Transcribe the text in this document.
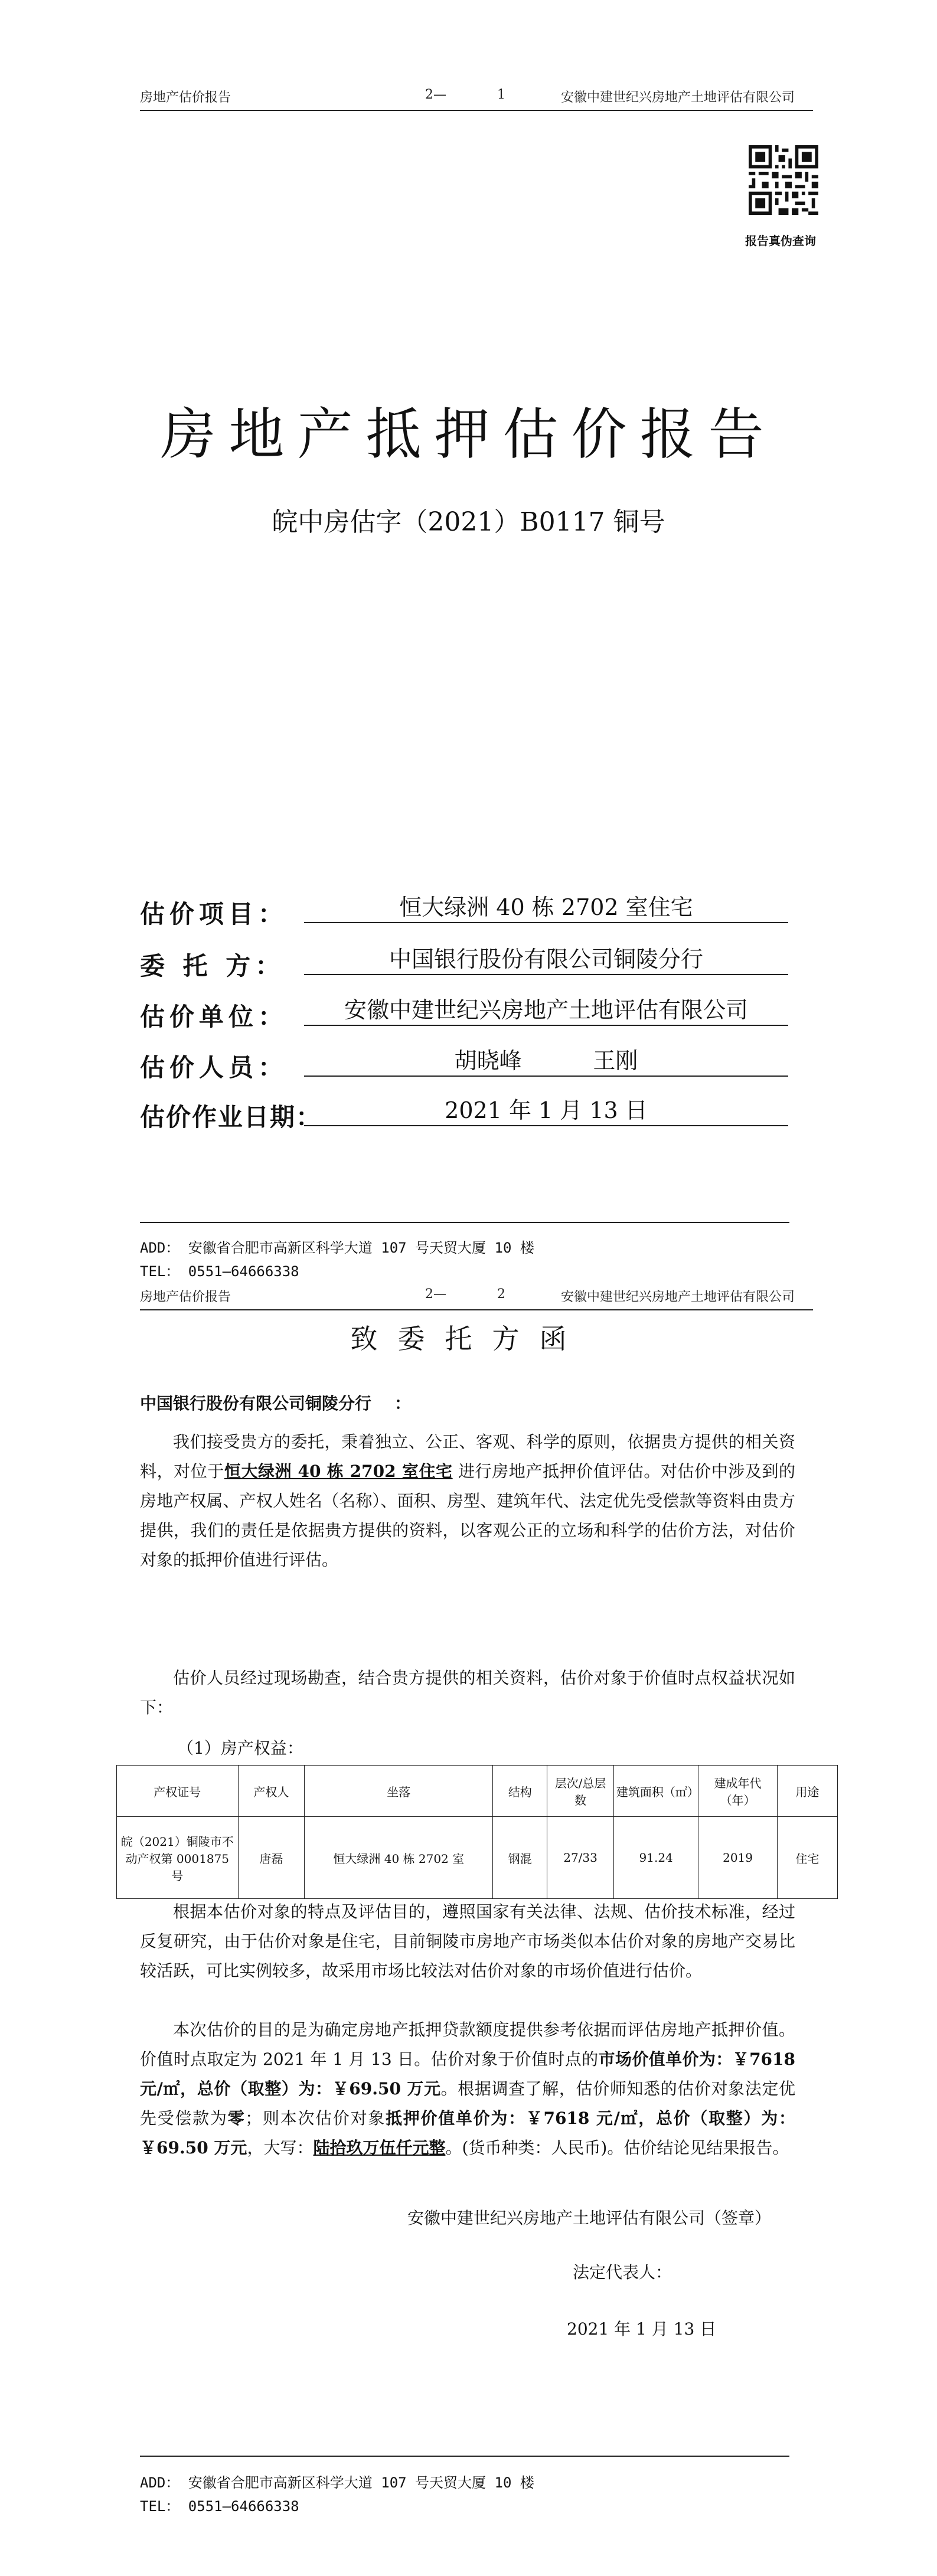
房地产估价报告	2—	1	安徽中建世纪兴房地产土地评估有限公司
报告真伪查询
房地产抵押估价报告
皖中房估字（2021）B0117 铜号
估价项目：	恒大绿洲 40 栋 2702 室住宅
委 托 方：	中国银行股份有限公司铜陵分行
估价单位：	安徽中建世纪兴房地产土地评估有限公司
估价人员：	胡晓峰          王刚
估价作业日期：	2021 年 1 月 13 日
ADD： 安徽省合肥市高新区科学大道 107 号天贸大厦 10 楼
TEL： 0551—64666338
房地产估价报告	2—	2	安徽中建世纪兴房地产土地评估有限公司
致委托方函
中国银行股份有限公司铜陵分行    ：
我们接受贵方的委托，秉着独立、公正、客观、科学的原则，依据贵方提供的相关资料，对位于恒大绿洲 40 栋 2702 室住宅 进行房地产抵押价值评估。对估价中涉及到的房地产权属、产权人姓名（名称）、面积、房型、建筑年代、法定优先受偿款等资料由贵方提供，我们的责任是依据贵方提供的资料，以客观公正的立场和科学的估价方法，对估价对象的抵押价值进行评估。
估价人员经过现场勘查，结合贵方提供的相关资料，估价对象于价值时点权益状况如下：
（1）房产权益：
产权证号	产权人	坐落	结构	层次/总层数	建筑面积（㎡）	建成年代（年）	用途
皖（2021）铜陵市不动产权第 0001875 号	唐磊	恒大绿洲 40 栋 2702 室	钢混	27/33	91.24	2019	住宅
根据本估价对象的特点及评估目的，遵照国家有关法律、法规、估价技术标准，经过反复研究，由于估价对象是住宅，目前铜陵市房地产市场类似本估价对象的房地产交易比较活跃，可比实例较多，故采用市场比较法对估价对象的市场价值进行估价。
本次估价的目的是为确定房地产抵押贷款额度提供参考依据而评估房地产抵押价值。价值时点取定为 2021 年 1 月 13 日。估价对象于价值时点的市场价值单价为：￥7618 元/㎡，总价（取整）为：￥69.50 万元。根据调查了解，估价师知悉的估价对象法定优先受偿款为零；则本次估价对象抵押价值单价为：￥7618 元/㎡，总价（取整）为：￥69.50 万元，大写：陆拾玖万伍仟元整。(货币种类：人民币)。估价结论见结果报告。
安徽中建世纪兴房地产土地评估有限公司（签章）
法定代表人：
2021 年 1 月 13 日
ADD： 安徽省合肥市高新区科学大道 107 号天贸大厦 10 楼
TEL： 0551—64666338
